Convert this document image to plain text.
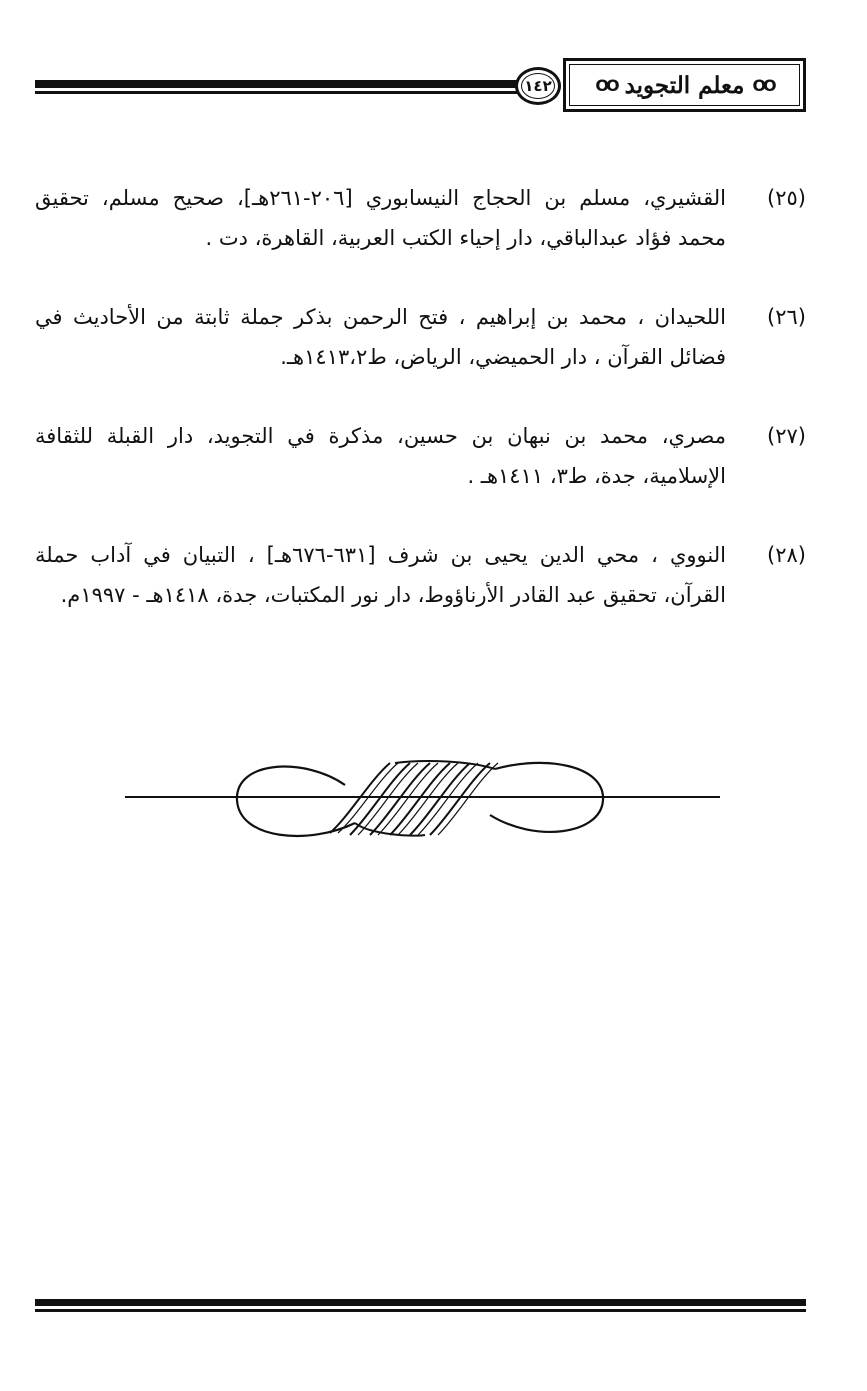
١٤٢	OO
معلم التجويد
OO
(٢٥)
القشيري، مسلم بن الحجاج النيسابوري [٢٠٦-٢٦١هـ]، صحيح مسلم، تحقيق محمد فؤاد عبدالباقي، دار إحياء الكتب العربية، القاهرة، دت .
(٢٦)
اللحيدان ، محمد بن إبراهيم ، فتح الرحمن بذكر جملة ثابتة من الأحاديث في فضائل القرآن ، دار الحميضي، الرياض، ط١٤١٣،٢هـ.
(٢٧)
مصري، محمد بن نبهان بن حسين، مذكرة في التجويد، دار القبلة للثقافة الإسلامية، جدة، ط٣، ١٤١١هـ .
(٢٨)
النووي ، محي الدين يحيى بن شرف [٦٣١-٦٧٦هـ] ، التبيان في آداب حملة القرآن، تحقيق عبد القادر الأرناؤوط، دار نور المكتبات، جدة، ١٤١٨هـ - ١٩٩٧م.
